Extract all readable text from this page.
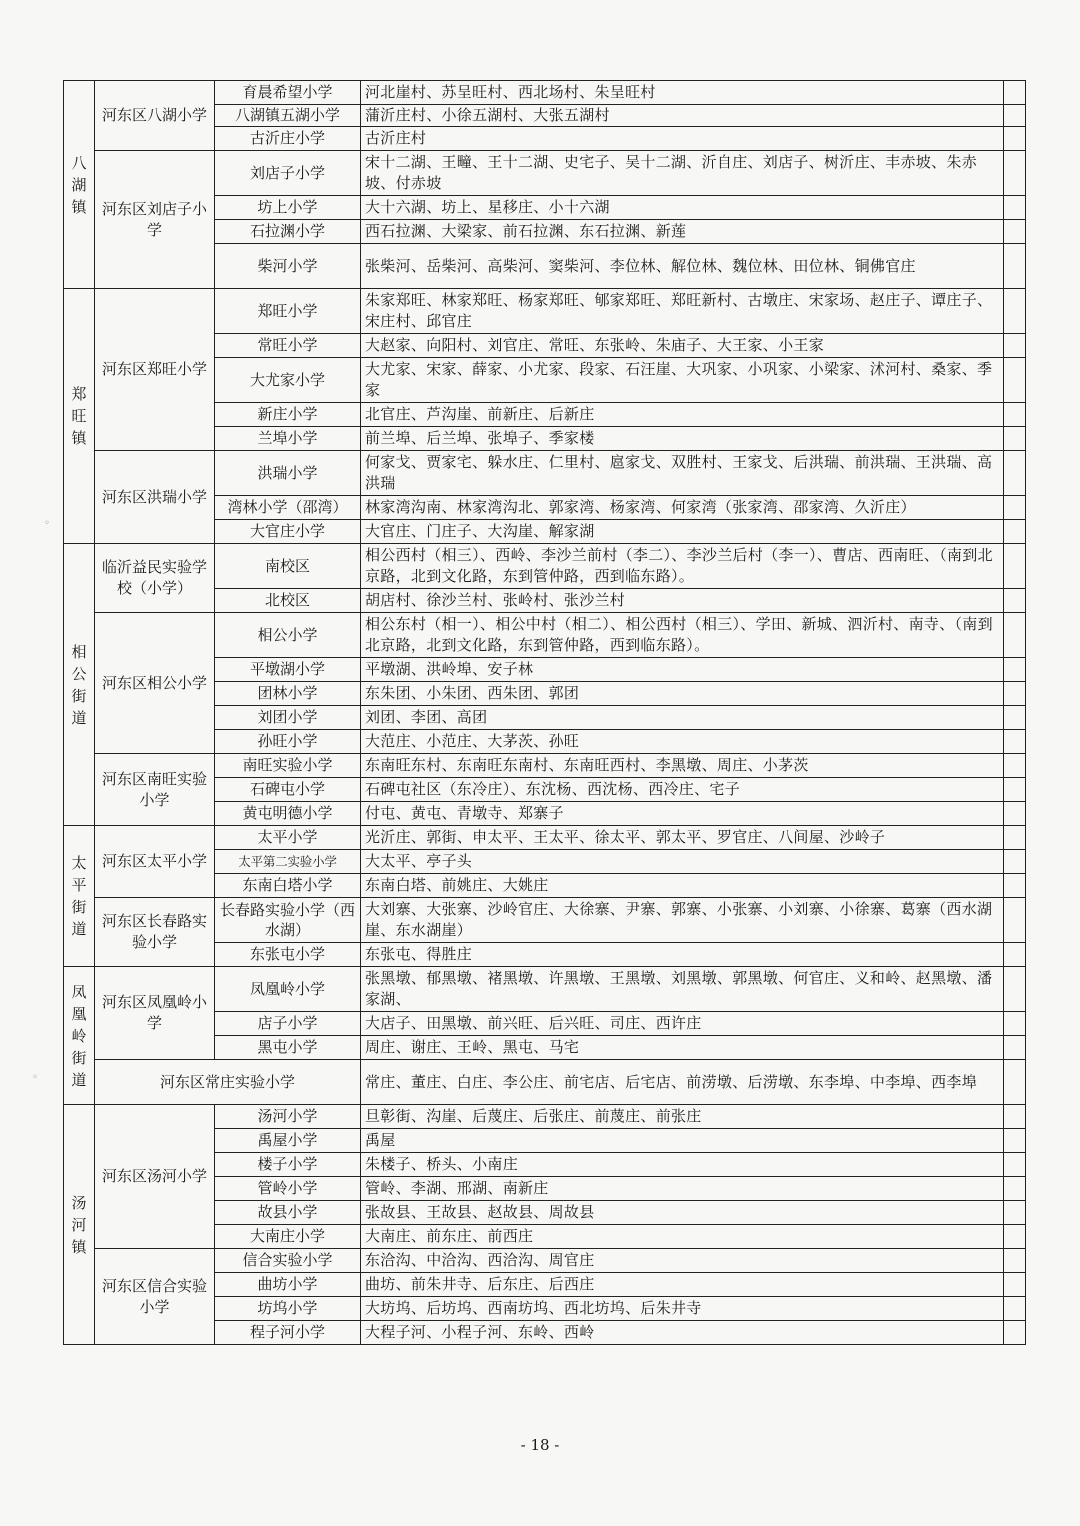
八湖镇	河东区八湖小学	育晨希望小学	河北崖村、苏呈旺村、西北场村、朱呈旺村	
		八湖镇五湖小学	蒲沂庄村、小徐五湖村、大张五湖村	
		古沂庄小学	古沂庄村	
	河东区刘店子小学	刘店子小学	宋十二湖、王疃、王十二湖、史宅子、吴十二湖、沂自庄、刘店子、树沂庄、丰赤坡、朱赤坡、付赤坡	
		坊上小学	大十六湖、坊上、星移庄、小十六湖	
		石拉渊小学	西石拉渊、大梁家、前石拉渊、东石拉渊、新莲	
		柴河小学	张柴河、岳柴河、高柴河、窦柴河、李位林、解位林、魏位林、田位林、铜佛官庄	
郑旺镇	河东区郑旺小学	郑旺小学	朱家郑旺、林家郑旺、杨家郑旺、郇家郑旺、郑旺新村、古墩庄、宋家场、赵庄子、谭庄子、宋庄村、邱官庄	
		常旺小学	大赵家、向阳村、刘官庄、常旺、东张岭、朱庙子、大王家、小王家	
		大尤家小学	大尤家、宋家、薛家、小尤家、段家、石汪崖、大巩家、小巩家、小梁家、沭河村、桑家、季家	
		新庄小学	北官庄、芦沟崖、前新庄、后新庄	
		兰埠小学	前兰埠、后兰埠、张埠子、季家楼	
	河东区洪瑞小学	洪瑞小学	何家戈、贾家宅、躲水庄、仁里村、扈家戈、双胜村、王家戈、后洪瑞、前洪瑞、王洪瑞、高洪瑞	
		湾林小学（邵湾）	林家湾沟南、林家湾沟北、郭家湾、杨家湾、何家湾（张家湾、邵家湾、久沂庄）	
		大官庄小学	大官庄、门庄子、大沟崖、解家湖	
相公街道	临沂益民实验学校（小学）	南校区	相公西村（相三）、西岭、李沙兰前村（李二）、李沙兰后村（李一）、曹店、西南旺、（南到北京路，北到文化路，东到管仲路，西到临东路）。	
		北校区	胡店村、徐沙兰村、张岭村、张沙兰村	
	河东区相公小学	相公小学	相公东村（相一）、相公中村（相二）、相公西村（相三）、学田、新城、泗沂村、南寺、（南到北京路，北到文化路，东到管仲路，西到临东路）。	
		平墩湖小学	平墩湖、洪岭埠、安子林	
		团林小学	东朱团、小朱团、西朱团、郭团	
		刘团小学	刘团、李团、高团	
		孙旺小学	大范庄、小范庄、大茅茨、孙旺	
	河东区南旺实验小学	南旺实验小学	东南旺东村、东南旺东南村、东南旺西村、李黑墩、周庄、小茅茨	
		石碑屯小学	石碑屯社区（东冷庄）、东沈杨、西沈杨、西冷庄、宅子	
		黄屯明德小学	付屯、黄屯、青墩寺、郑寨子	
太平街道	河东区太平小学	太平小学	光沂庄、郭街、申太平、王太平、徐太平、郭太平、罗官庄、八间屋、沙岭子	
		太平第二实验小学	大太平、亭子头	
		东南白塔小学	东南白塔、前姚庄、大姚庄	
	河东区长春路实验小学	长春路实验小学（西水湖）	大刘寨、大张寨、沙岭官庄、大徐寨、尹寨、郭寨、小张寨、小刘寨、小徐寨、葛寨（西水湖崖、东水湖崖）	
		东张屯小学	东张屯、得胜庄	
凤凰岭街道	河东区凤凰岭小学	凤凰岭小学	张黑墩、郁黑墩、褚黑墩、许黑墩、王黑墩、刘黑墩、郭黑墩、何官庄、义和岭、赵黑墩、潘家湖、	
		店子小学	大店子、田黑墩、前兴旺、后兴旺、司庄、西许庄	
		黑屯小学	周庄、谢庄、王岭、黑屯、马宅	
	河东区常庄实验小学		常庄、董庄、白庄、李公庄、前宅店、后宅店、前涝墩、后涝墩、东李埠、中李埠、西李埠	
汤河镇	河东区汤河小学	汤河小学	旦彰街、沟崖、后蔑庄、后张庄、前蔑庄、前张庄	
		禹屋小学	禹屋	
		楼子小学	朱楼子、桥头、小南庄	
		管岭小学	管岭、李湖、邢湖、南新庄	
		故县小学	张故县、王故县、赵故县、周故县	
		大南庄小学	大南庄、前东庄、前西庄	
	河东区信合实验小学	信合实验小学	东洽沟、中洽沟、西洽沟、周官庄	
		曲坊小学	曲坊、前朱井寺、后东庄、后西庄	
		坊坞小学	大坊坞、后坊坞、西南坊坞、西北坊坞、后朱井寺	
		程子河小学	大程子河、小程子河、东岭、西岭	
- 18 -
◦
◦
